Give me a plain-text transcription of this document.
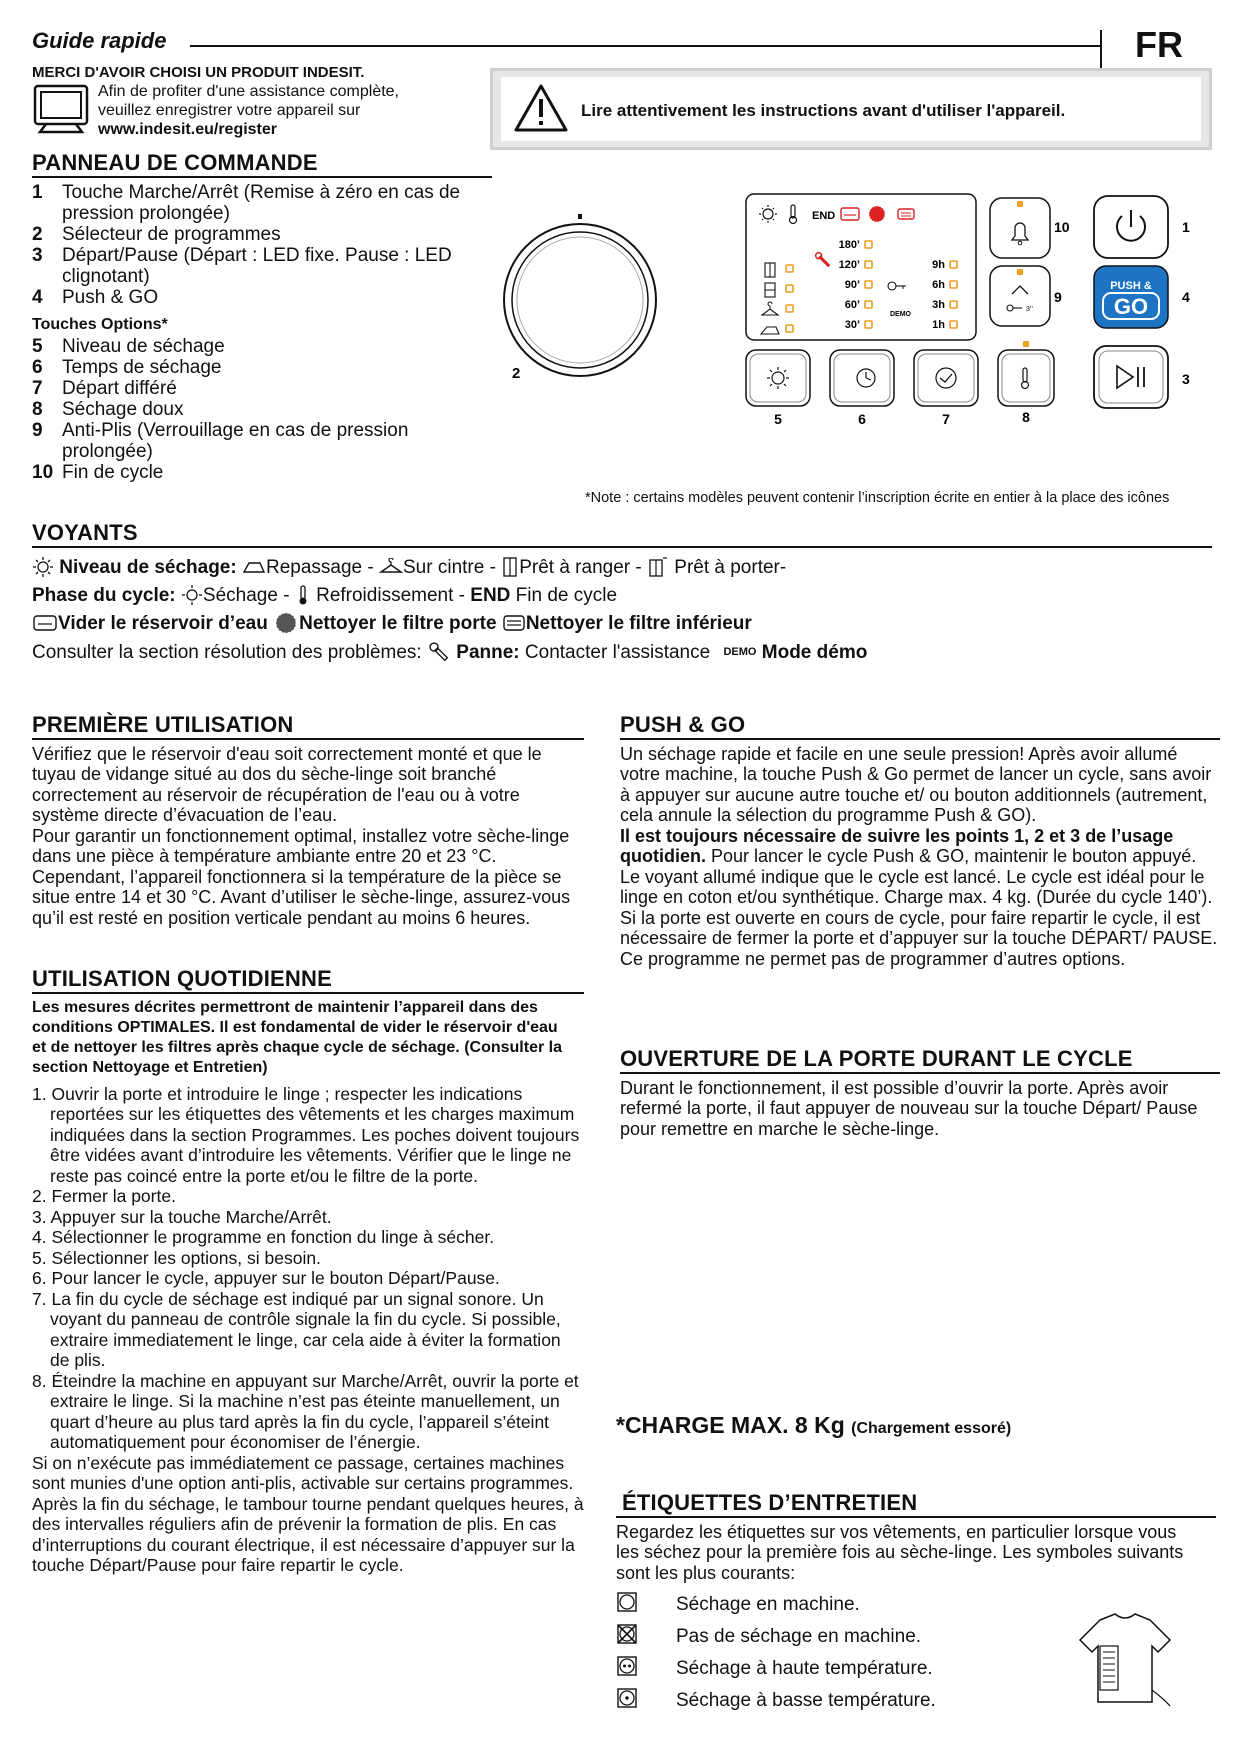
Guide rapide	FR
MERCI D'AVOIR CHOISI UN PRODUIT INDESIT.
Afin de profiter d'une assistance complète,
veuillez enregistrer votre appareil sur
www.indesit.eu/register
Lire attentivement les instructions avant d'utiliser l'appareil.
PANNEAU DE COMMANDE
1 Touche Marche/Arrêt (Remise à zéro en cas de pression prolongée)
2 Sélecteur de programmes
3 Départ/Pause (Départ : LED fixe. Pause : LED clignotant)
4 Push & GO
Touches Options*
5 Niveau de séchage
6 Temps de séchage
7 Départ différé
8 Séchage doux
9 Anti-Plis (Verrouillage en cas de pression prolongée)
10 Fin de cycle
2
END
180’
120’
90’
60’
30’
9h
6h
3h
1h
DEMO
10	1
3’’
9
PUSH &
GO 4
3
5	6	7	8
*Note : certains modèles peuvent contenir l’inscription écrite en entier à la place des icônes
VOYANTS
Niveau de séchage: Repassage - Sur cintre - Prêt à ranger - Prêt à porter-
Phase du cycle: Séchage - Refroidissement - END Fin de cycle
Vider le réservoir d’eau Nettoyer le filtre porte Nettoyer le filtre inférieur
Consulter la section résolution des problèmes: Panne: Contacter l'assistance DEMO Mode démo
PREMIÈRE UTILISATION
Vérifiez que le réservoir d'eau soit correctement monté et que le tuyau de vidange situé au dos du sèche-linge soit branché correctement au réservoir de récupération de l'eau ou à votre système directe d’évacuation de l’eau.
Pour garantir un fonctionnement optimal, installez votre sèche-linge dans une pièce à température ambiante entre 20 et 23 °C. Cependant, l’appareil fonctionnera si la température de la pièce se situe entre 14 et 30 °C. Avant d’utiliser le sèche-linge, assurez-vous qu’il est resté en position verticale pendant au moins 6 heures.
UTILISATION QUOTIDIENNE
Les mesures décrites permettront de maintenir l’appareil dans des conditions OPTIMALES. Il est fondamental de vider le réservoir d'eau et de nettoyer les filtres après chaque cycle de séchage. (Consulter la section Nettoyage et Entretien)
1. Ouvrir la porte et introduire le linge ; respecter les indications reportées sur les étiquettes des vêtements et les charges maximum indiquées dans la section Programmes. Les poches doivent toujours être vidées avant d’introduire les vêtements. Vérifier que le linge ne reste pas coincé entre la porte et/ou le filtre de la porte.
2. Fermer la porte.
3. Appuyer sur la touche Marche/Arrêt.
4. Sélectionner le programme en fonction du linge à sécher.
5. Sélectionner les options, si besoin.
6. Pour lancer le cycle, appuyer sur le bouton Départ/Pause.
7. La fin du cycle de séchage est indiqué par un signal sonore. Un voyant du panneau de contrôle signale la fin du cycle. Si possible, extraire immediatement le linge, car cela aide à éviter la formation de plis.
8. Éteindre la machine en appuyant sur Marche/Arrêt, ouvrir la porte et extraire le linge. Si la machine n’est pas éteinte manuellement, un quart d’heure au plus tard après la fin du cycle, l’appareil s’éteint automatiquement pour économiser de l’énergie.
Si on n’exécute pas immédiatement ce passage, certaines machines sont munies d'une option anti-plis, activable sur certains programmes. Après la fin du séchage, le tambour tourne pendant quelques heures, à des intervalles réguliers afin de prévenir la formation de plis. En cas d’interruptions du courant électrique, il est nécessaire d’appuyer sur la touche Départ/Pause pour faire repartir le cycle.
PUSH & GO
Un séchage rapide et facile en une seule pression! Après avoir allumé votre machine, la touche Push & Go permet de lancer un cycle, sans avoir à appuyer sur aucune autre touche et/ ou bouton additionnels (autrement, cela annule la sélection du programme Push & GO).
Il est toujours nécessaire de suivre les points 1, 2 et 3 de l’usage quotidien. Pour lancer le cycle Push & GO, maintenir le bouton appuyé. Le voyant allumé indique que le cycle est lancé. Le cycle est idéal pour le linge en coton et/ou synthétique. Charge max. 4 kg. (Durée du cycle 140’).
Si la porte est ouverte en cours de cycle, pour faire repartir le cycle, il est nécessaire de fermer la porte et d’appuyer sur la touche DÉPART/ PAUSE. Ce programme ne permet pas de programmer d’autres options.
OUVERTURE DE LA PORTE DURANT LE CYCLE
Durant le fonctionnement, il est possible d’ouvrir la porte. Après avoir refermé la porte, il faut appuyer de nouveau sur la touche Départ/ Pause pour remettre en marche le sèche-linge.
*CHARGE MAX. 8 Kg (Chargement essoré)
ÉTIQUETTES D’ENTRETIEN
Regardez les étiquettes sur vos vêtements, en particulier lorsque vous les séchez pour la première fois au sèche-linge. Les symboles suivants sont les plus courants:
Séchage en machine.
Pas de séchage en machine.
Séchage à haute température.
Séchage à basse température.
